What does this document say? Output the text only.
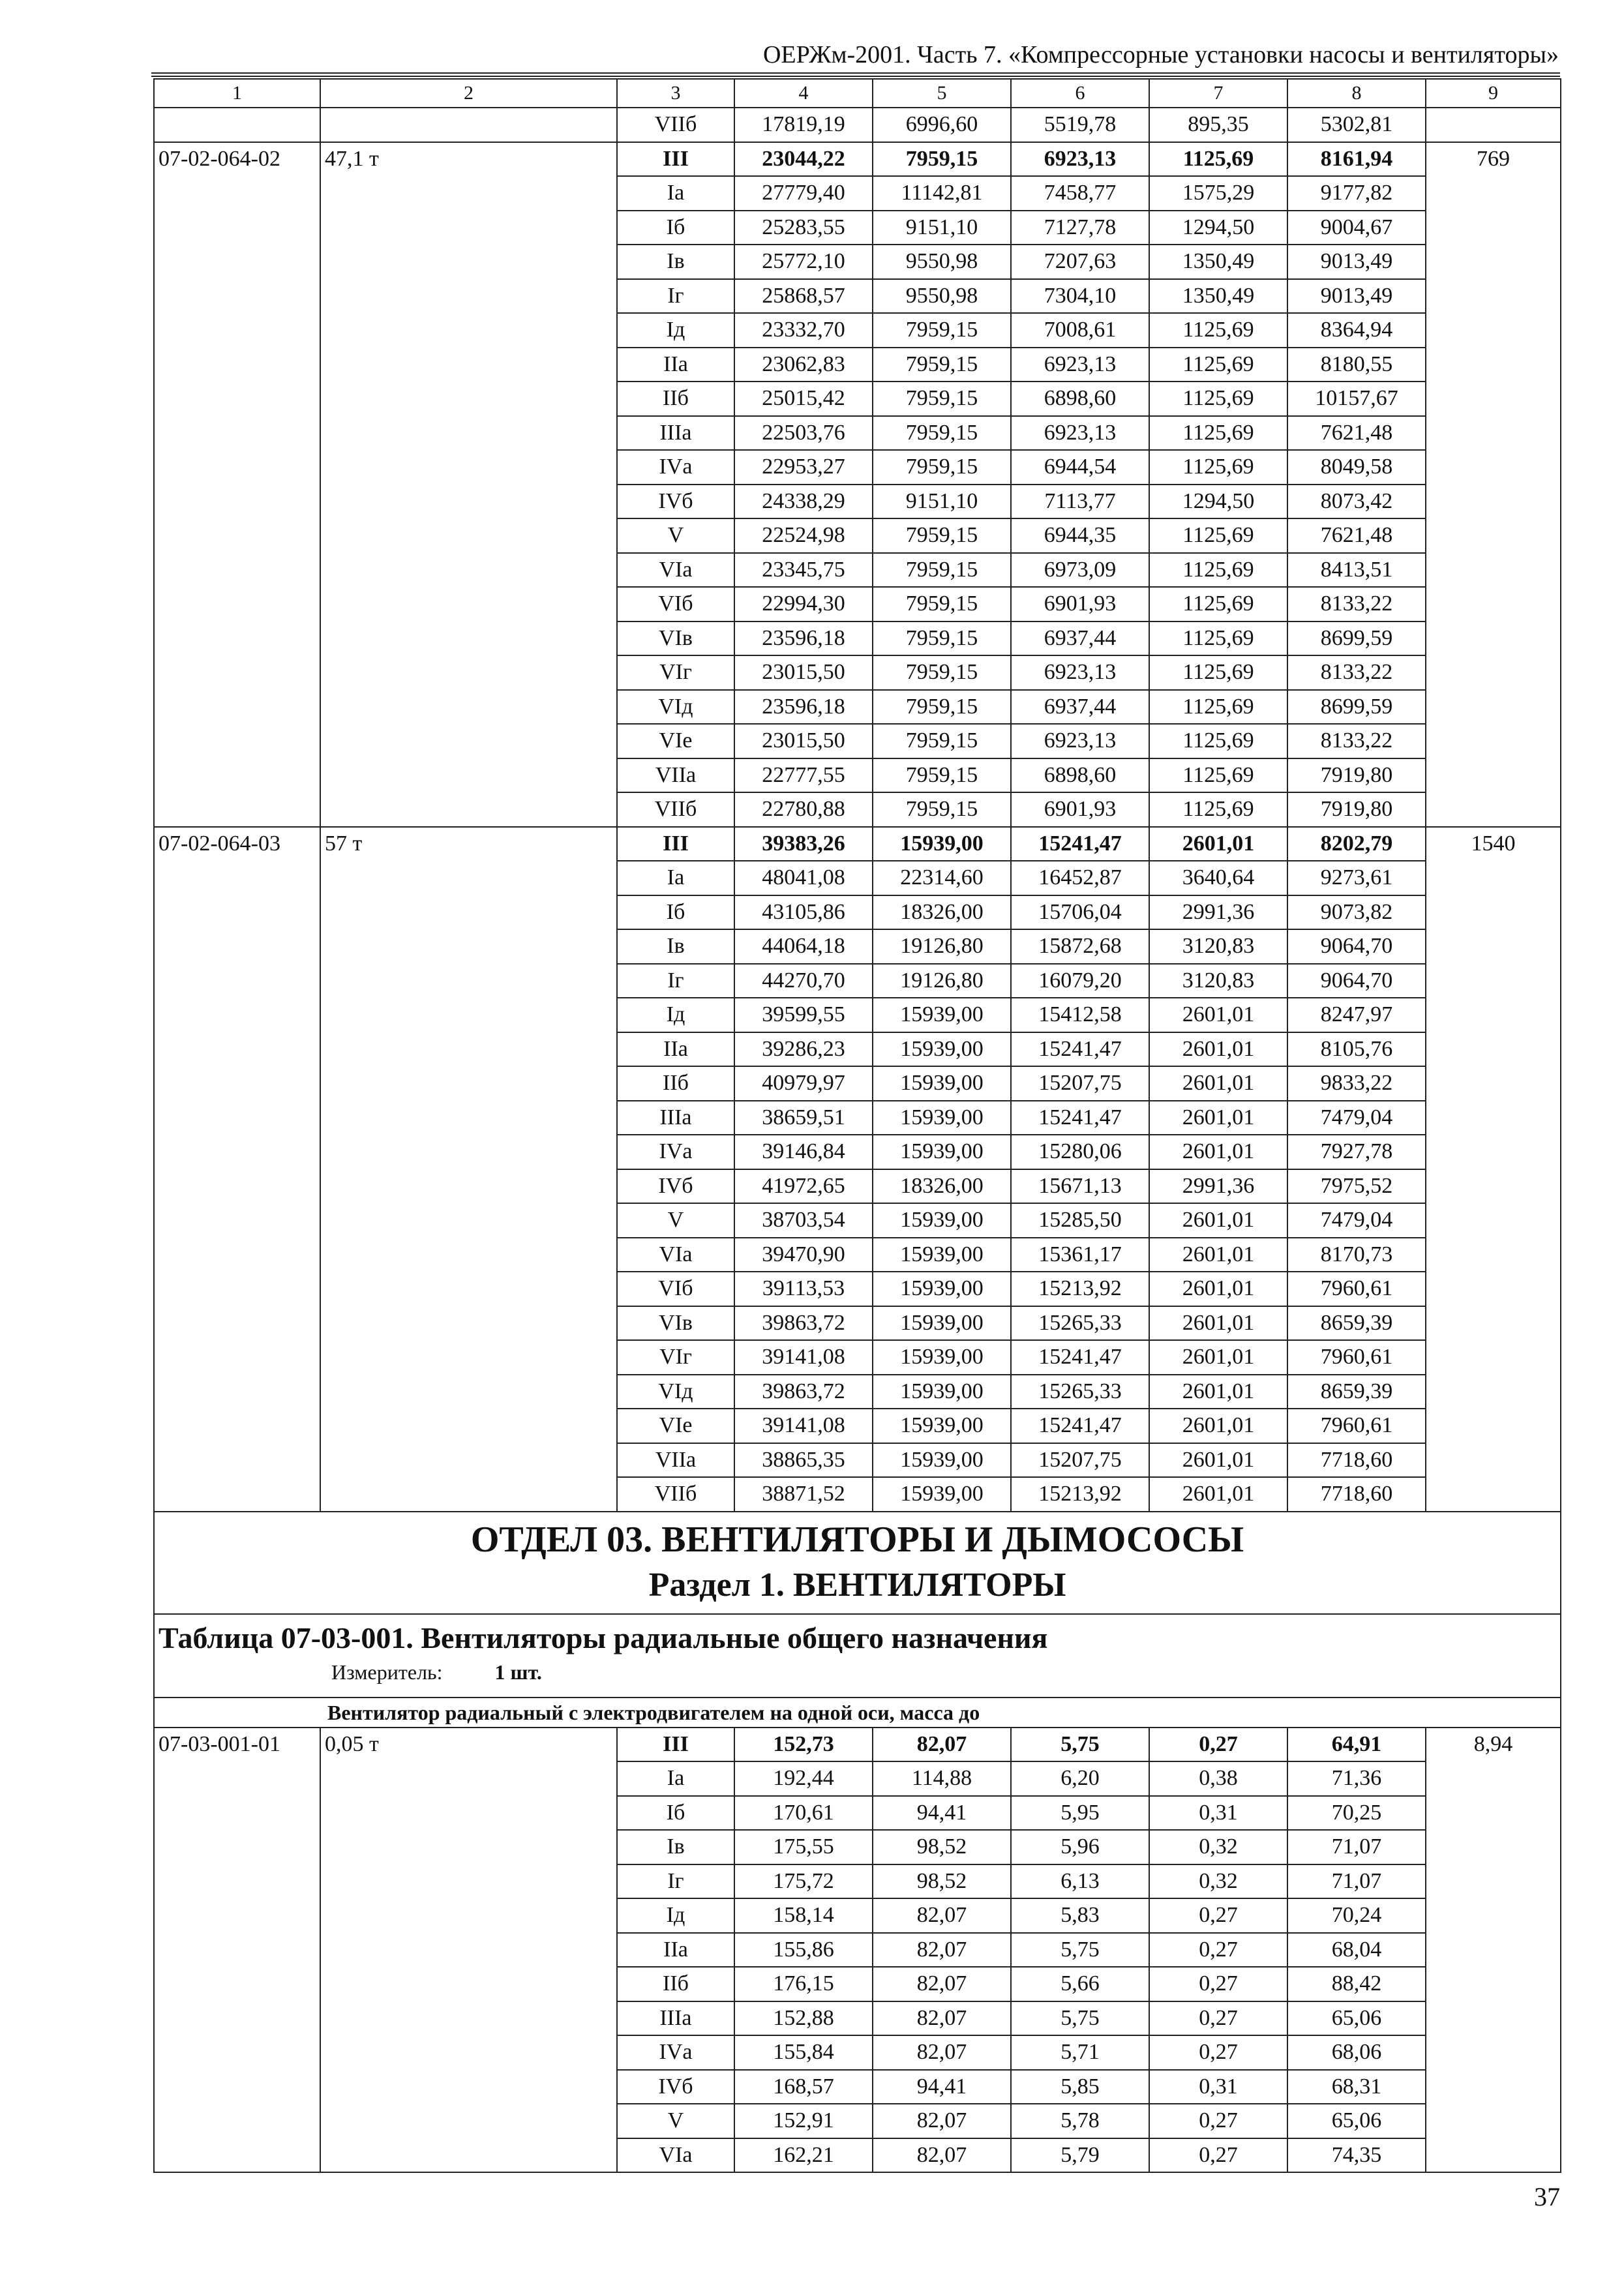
ОЕРЖм-2001. Часть 7. «Компрессорные установки насосы и вентиляторы»
1	2	3	4	5	6	7	8	9
		VIIб	17819,19	6996,60	5519,78	895,35	5302,81	
07-02-064-02	47,1 т	III	23044,22	7959,15	6923,13	1125,69	8161,94	769
		Iа	27779,40	11142,81	7458,77	1575,29	9177,82	
		Iб	25283,55	9151,10	7127,78	1294,50	9004,67	
		Iв	25772,10	9550,98	7207,63	1350,49	9013,49	
		Iг	25868,57	9550,98	7304,10	1350,49	9013,49	
		Iд	23332,70	7959,15	7008,61	1125,69	8364,94	
		IIа	23062,83	7959,15	6923,13	1125,69	8180,55	
		IIб	25015,42	7959,15	6898,60	1125,69	10157,67	
		IIIа	22503,76	7959,15	6923,13	1125,69	7621,48	
		IVа	22953,27	7959,15	6944,54	1125,69	8049,58	
		IVб	24338,29	9151,10	7113,77	1294,50	8073,42	
		V	22524,98	7959,15	6944,35	1125,69	7621,48	
		VIа	23345,75	7959,15	6973,09	1125,69	8413,51	
		VIб	22994,30	7959,15	6901,93	1125,69	8133,22	
		VIв	23596,18	7959,15	6937,44	1125,69	8699,59	
		VIг	23015,50	7959,15	6923,13	1125,69	8133,22	
		VIд	23596,18	7959,15	6937,44	1125,69	8699,59	
		VIе	23015,50	7959,15	6923,13	1125,69	8133,22	
		VIIа	22777,55	7959,15	6898,60	1125,69	7919,80	
		VIIб	22780,88	7959,15	6901,93	1125,69	7919,80	
07-02-064-03	57 т	III	39383,26	15939,00	15241,47	2601,01	8202,79	1540
		Iа	48041,08	22314,60	16452,87	3640,64	9273,61	
		Iб	43105,86	18326,00	15706,04	2991,36	9073,82	
		Iв	44064,18	19126,80	15872,68	3120,83	9064,70	
		Iг	44270,70	19126,80	16079,20	3120,83	9064,70	
		Iд	39599,55	15939,00	15412,58	2601,01	8247,97	
		IIа	39286,23	15939,00	15241,47	2601,01	8105,76	
		IIб	40979,97	15939,00	15207,75	2601,01	9833,22	
		IIIа	38659,51	15939,00	15241,47	2601,01	7479,04	
		IVа	39146,84	15939,00	15280,06	2601,01	7927,78	
		IVб	41972,65	18326,00	15671,13	2991,36	7975,52	
		V	38703,54	15939,00	15285,50	2601,01	7479,04	
		VIа	39470,90	15939,00	15361,17	2601,01	8170,73	
		VIб	39113,53	15939,00	15213,92	2601,01	7960,61	
		VIв	39863,72	15939,00	15265,33	2601,01	8659,39	
		VIг	39141,08	15939,00	15241,47	2601,01	7960,61	
		VIд	39863,72	15939,00	15265,33	2601,01	8659,39	
		VIе	39141,08	15939,00	15241,47	2601,01	7960,61	
		VIIа	38865,35	15939,00	15207,75	2601,01	7718,60	
		VIIб	38871,52	15939,00	15213,92	2601,01	7718,60	

ОТДЕЛ 03. ВЕНТИЛЯТОРЫ И ДЫМОСОСЫ
Раздел 1. ВЕНТИЛЯТОРЫ								

Таблица 07-03-001. Вентиляторы радиальные общего назначения
Измеритель: 1 шт.								

Вентилятор радиальный с электродвигателем на одной оси, масса до								
07-03-001-01	0,05 т	III	152,73	82,07	5,75	0,27	64,91	8,94
		Iа	192,44	114,88	6,20	0,38	71,36	
		Iб	170,61	94,41	5,95	0,31	70,25	
		Iв	175,55	98,52	5,96	0,32	71,07	
		Iг	175,72	98,52	6,13	0,32	71,07	
		Iд	158,14	82,07	5,83	0,27	70,24	
		IIа	155,86	82,07	5,75	0,27	68,04	
		IIб	176,15	82,07	5,66	0,27	88,42	
		IIIа	152,88	82,07	5,75	0,27	65,06	
		IVа	155,84	82,07	5,71	0,27	68,06	
		IVб	168,57	94,41	5,85	0,31	68,31	
		V	152,91	82,07	5,78	0,27	65,06	
		VIа	162,21	82,07	5,79	0,27	74,35	
37
